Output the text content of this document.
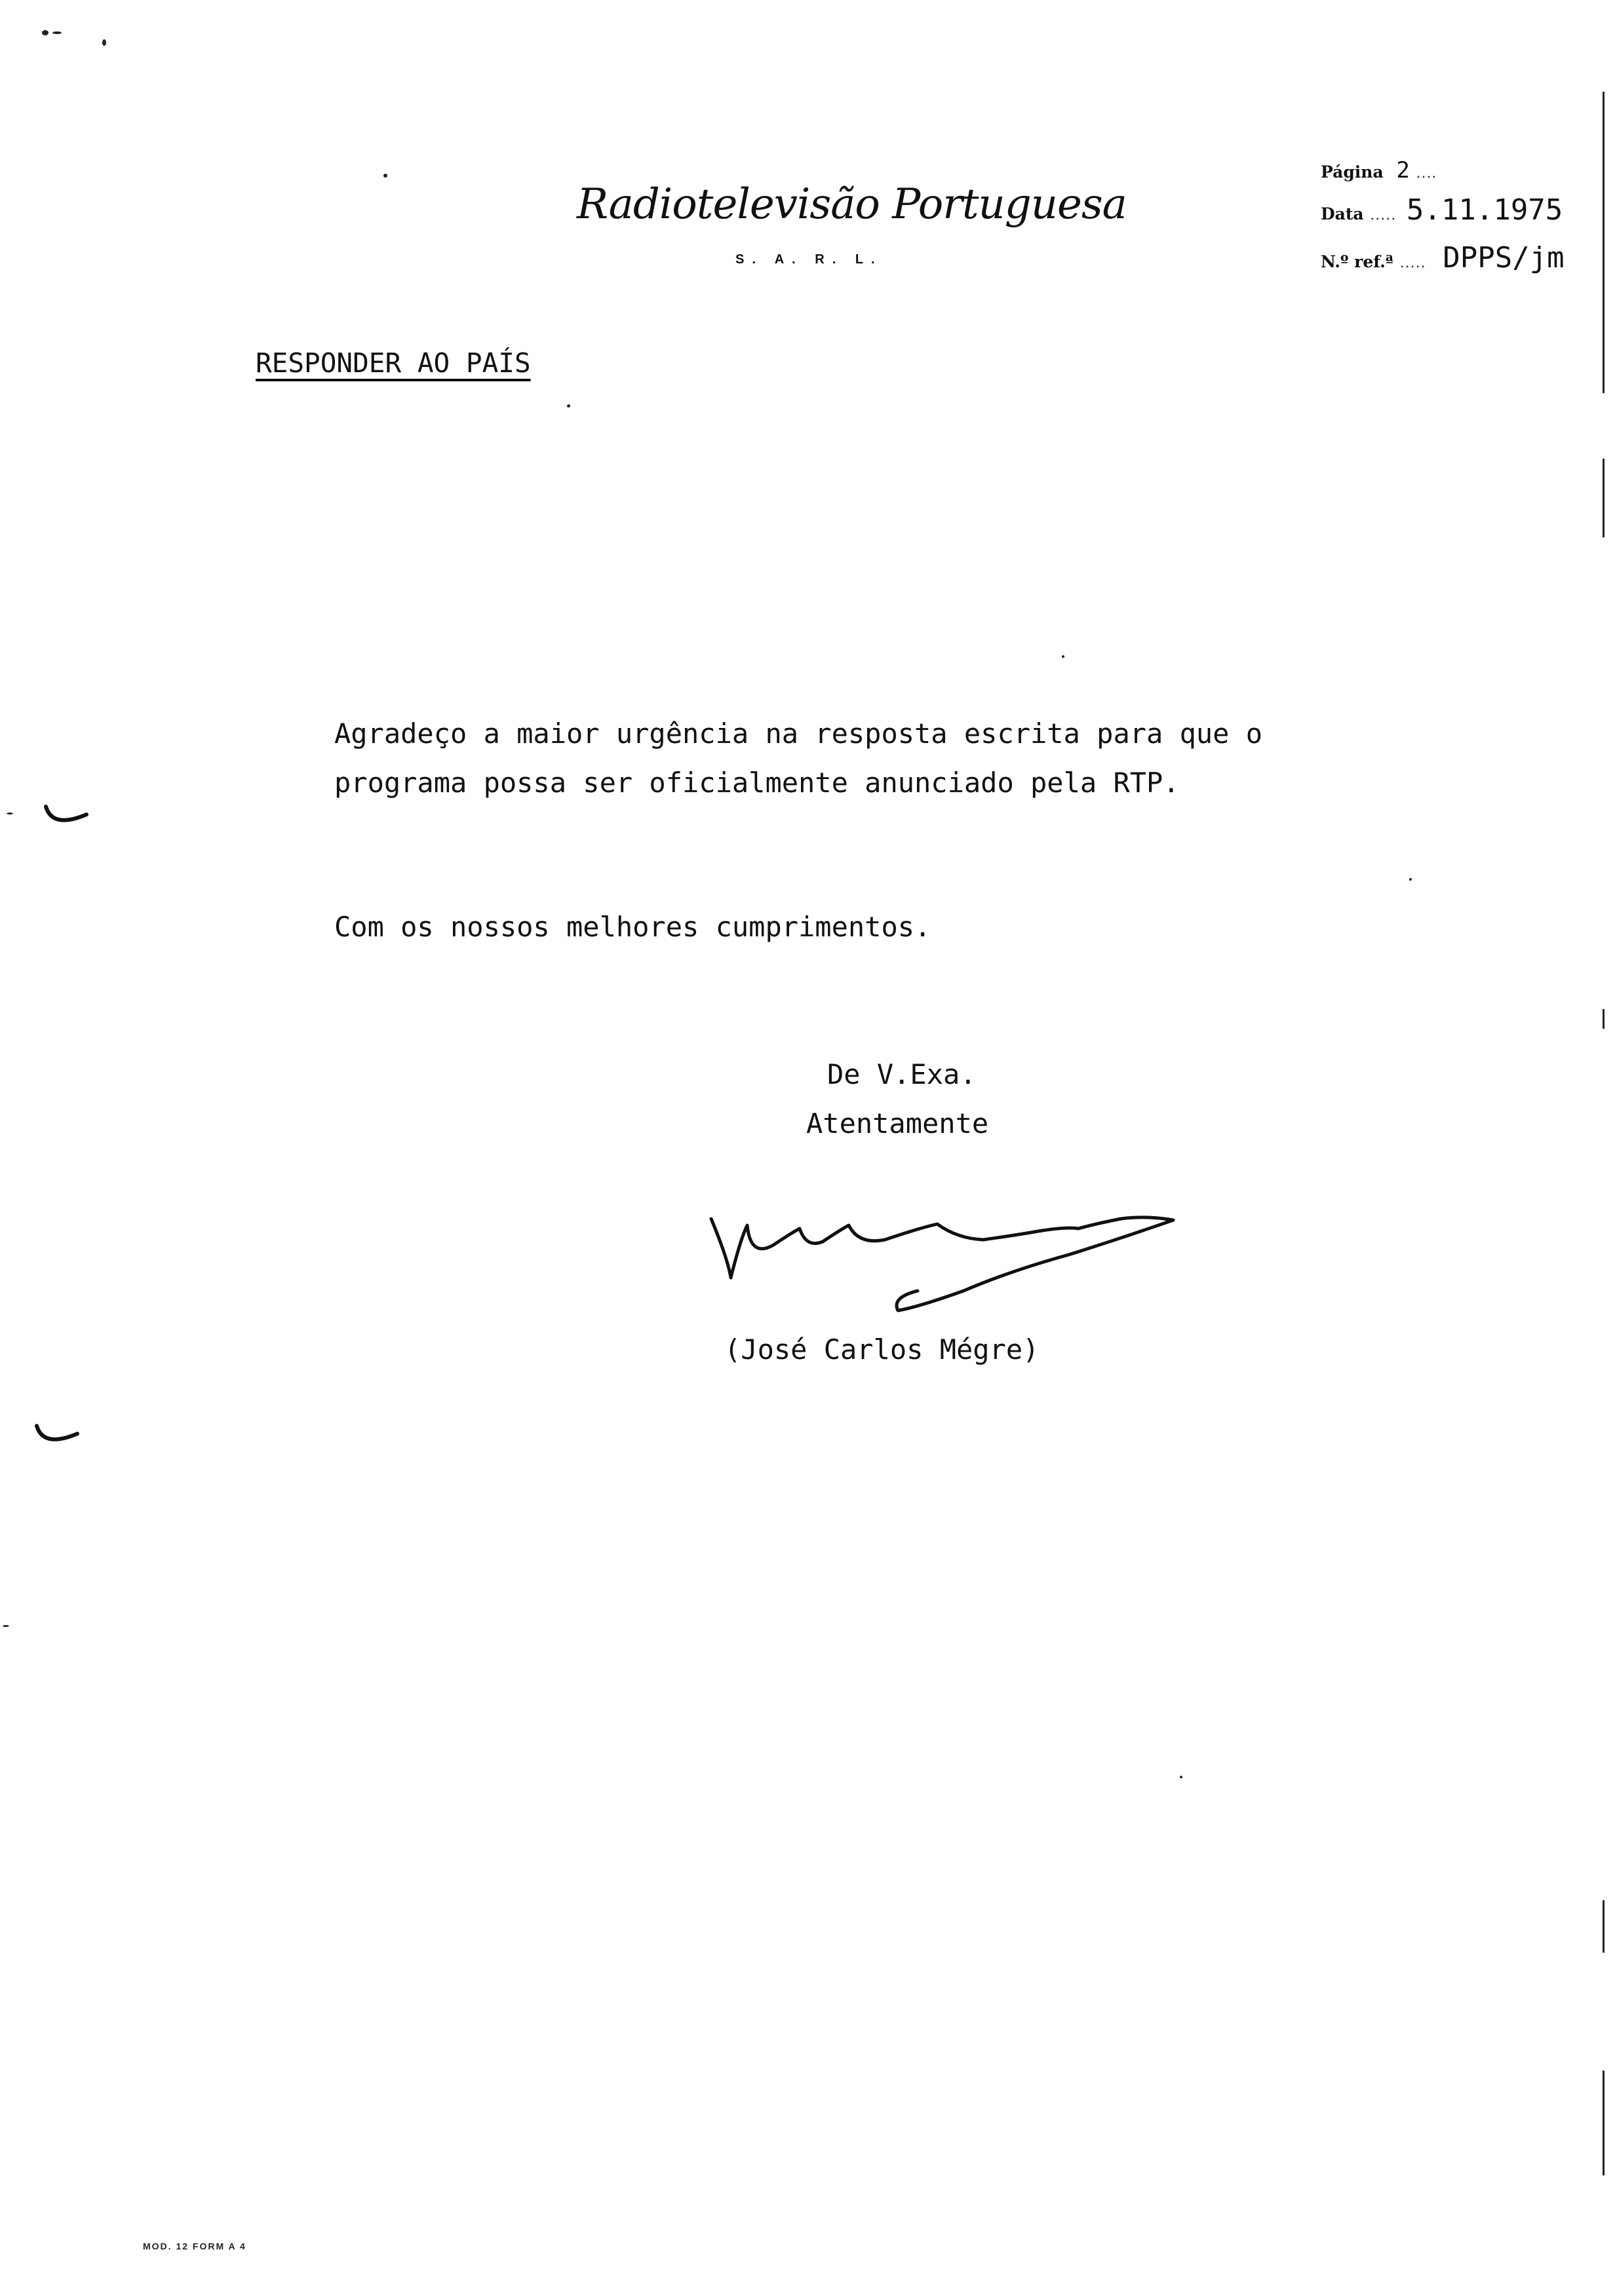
Radiotelevisão Portuguesa
S. A. R. L.
Página 2 ....
Data ..... 5.11.1975
N.º ref.ª ..... DPPS/jm
RESPONDER AO PAÍS
Agradeço a maior urgência na resposta escrita para que o
programa possa ser oficialmente anunciado pela RTP.
Com os nossos melhores cumprimentos.
De V.Exa.
Atentamente
(José Carlos Mégre)
MOD. 12 FORM A 4
